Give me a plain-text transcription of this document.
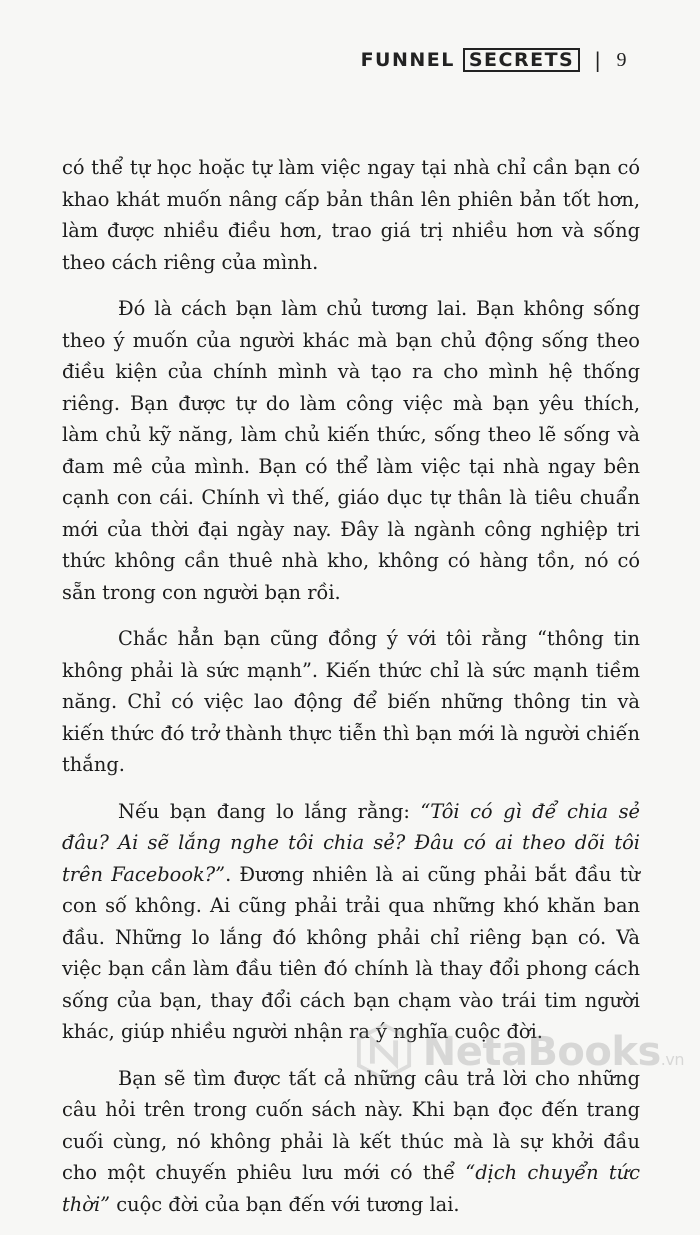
FUNNEL SECRETS	| 9

có thể tự học hoặc tự làm việc ngay tại nhà chỉ cần bạn có khao khát muốn nâng cấp bản thân lên phiên bản tốt hơn, làm được nhiều điều hơn, trao giá trị nhiều hơn và sống theo cách riêng của mình.

Đó là cách bạn làm chủ tương lai. Bạn không sống theo ý muốn của người khác mà bạn chủ động sống theo điều kiện của chính mình và tạo ra cho mình hệ thống riêng. Bạn được tự do làm công việc mà bạn yêu thích, làm chủ kỹ năng, làm chủ kiến thức, sống theo lẽ sống và đam mê của mình. Bạn có thể làm việc tại nhà ngay bên cạnh con cái. Chính vì thế, giáo dục tự thân là tiêu chuẩn mới của thời đại ngày nay. Đây là ngành công nghiệp tri thức không cần thuê nhà kho, không có hàng tồn, nó có sẵn trong con người bạn rồi.

Chắc hẳn bạn cũng đồng ý với tôi rằng “thông tin không phải là sức mạnh”. Kiến thức chỉ là sức mạnh tiềm năng. Chỉ có việc lao động để biến những thông tin và kiến thức đó trở thành thực tiễn thì bạn mới là người chiến thắng.

Nếu bạn đang lo lắng rằng: “Tôi có gì để chia sẻ đâu? Ai sẽ lắng nghe tôi chia sẻ? Đâu có ai theo dõi tôi trên Facebook?”. Đương nhiên là ai cũng phải bắt đầu từ con số không. Ai cũng phải trải qua những khó khăn ban đầu. Những lo lắng đó không phải chỉ riêng bạn có. Và việc bạn cần làm đầu tiên đó chính là thay đổi phong cách sống của bạn, thay đổi cách bạn chạm vào trái tim người khác, giúp nhiều người nhận ra ý nghĩa cuộc đời.

Bạn sẽ tìm được tất cả những câu trả lời cho những câu hỏi trên trong cuốn sách này. Khi bạn đọc đến trang cuối cùng, nó không phải là kết thúc mà là sự khởi đầu cho một chuyến phiêu lưu mới có thể “dịch chuyển tức thời” cuộc đời của bạn đến với tương lai.

NetaBooks.vn
